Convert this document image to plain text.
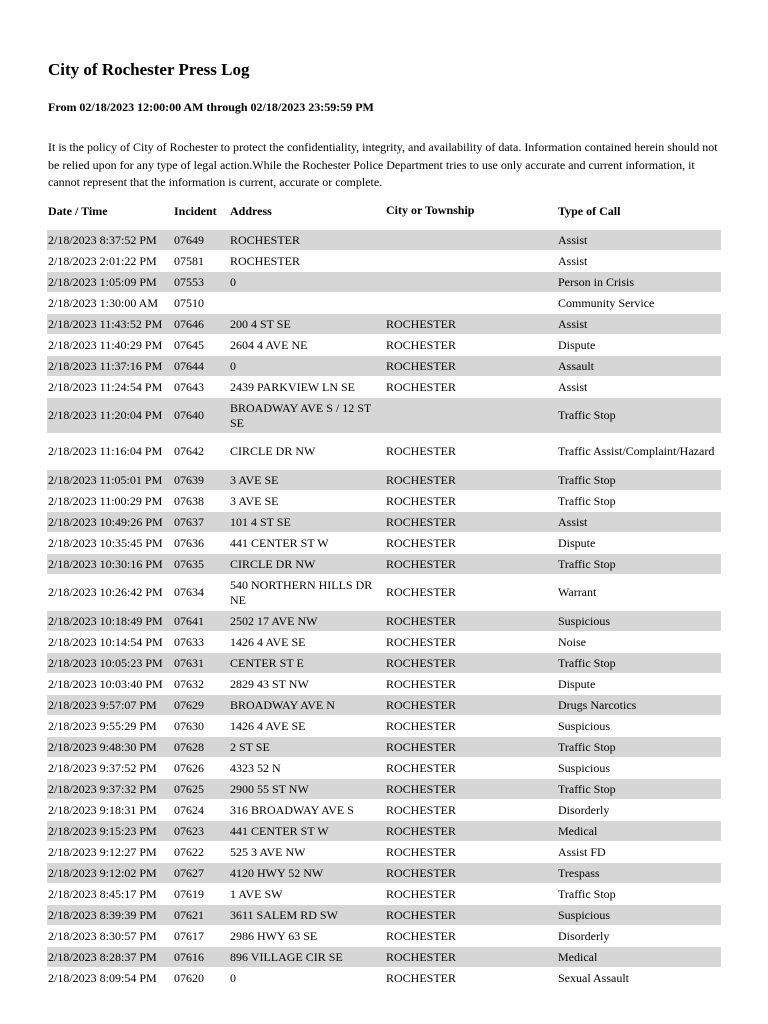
City of Rochester Press Log

From 02/18/2023 12:00:00 AM through 02/18/2023 23:59:59 PM

It is the policy of City of Rochester to protect the confidentiality, integrity, and availability of data. Information contained herein should not be relied upon for any type of legal action.While the Rochester Police Department tries to use only accurate and current information, it cannot represent that the information is current, accurate or complete.

Date / Time	Incident	Address	City or Township	Type of Call
2/18/2023 8:37:52 PM	07649	ROCHESTER		Assist
2/18/2023 2:01:22 PM	07581	ROCHESTER		Assist
2/18/2023 1:05:09 PM	07553	0		Person in Crisis
2/18/2023 1:30:00 AM	07510			Community Service
2/18/2023 11:43:52 PM	07646	200 4 ST SE	ROCHESTER	Assist
2/18/2023 11:40:29 PM	07645	2604 4 AVE NE	ROCHESTER	Dispute
2/18/2023 11:37:16 PM	07644	0	ROCHESTER	Assault
2/18/2023 11:24:54 PM	07643	2439 PARKVIEW LN SE	ROCHESTER	Assist
2/18/2023 11:20:04 PM	07640	BROADWAY AVE S / 12 ST SE		Traffic Stop
2/18/2023 11:16:04 PM	07642	CIRCLE DR NW	ROCHESTER	Traffic Assist/Complaint/Hazard
2/18/2023 11:05:01 PM	07639	3 AVE SE	ROCHESTER	Traffic Stop
2/18/2023 11:00:29 PM	07638	3 AVE SE	ROCHESTER	Traffic Stop
2/18/2023 10:49:26 PM	07637	101 4 ST SE	ROCHESTER	Assist
2/18/2023 10:35:45 PM	07636	441 CENTER ST W	ROCHESTER	Dispute
2/18/2023 10:30:16 PM	07635	CIRCLE DR NW	ROCHESTER	Traffic Stop
2/18/2023 10:26:42 PM	07634	540 NORTHERN HILLS DR NE	ROCHESTER	Warrant
2/18/2023 10:18:49 PM	07641	2502 17 AVE NW	ROCHESTER	Suspicious
2/18/2023 10:14:54 PM	07633	1426 4 AVE SE	ROCHESTER	Noise
2/18/2023 10:05:23 PM	07631	CENTER ST E	ROCHESTER	Traffic Stop
2/18/2023 10:03:40 PM	07632	2829 43 ST NW	ROCHESTER	Dispute
2/18/2023 9:57:07 PM	07629	BROADWAY AVE N	ROCHESTER	Drugs Narcotics
2/18/2023 9:55:29 PM	07630	1426 4 AVE SE	ROCHESTER	Suspicious
2/18/2023 9:48:30 PM	07628	2 ST SE	ROCHESTER	Traffic Stop
2/18/2023 9:37:52 PM	07626	4323 52 N	ROCHESTER	Suspicious
2/18/2023 9:37:32 PM	07625	2900 55 ST NW	ROCHESTER	Traffic Stop
2/18/2023 9:18:31 PM	07624	316 BROADWAY AVE S	ROCHESTER	Disorderly
2/18/2023 9:15:23 PM	07623	441 CENTER ST W	ROCHESTER	Medical
2/18/2023 9:12:27 PM	07622	525 3 AVE NW	ROCHESTER	Assist FD
2/18/2023 9:12:02 PM	07627	4120 HWY 52 NW	ROCHESTER	Trespass
2/18/2023 8:45:17 PM	07619	1 AVE SW	ROCHESTER	Traffic Stop
2/18/2023 8:39:39 PM	07621	3611 SALEM RD SW	ROCHESTER	Suspicious
2/18/2023 8:30:57 PM	07617	2986 HWY 63 SE	ROCHESTER	Disorderly
2/18/2023 8:28:37 PM	07616	896 VILLAGE CIR SE	ROCHESTER	Medical
2/18/2023 8:09:54 PM	07620	0	ROCHESTER	Sexual Assault
